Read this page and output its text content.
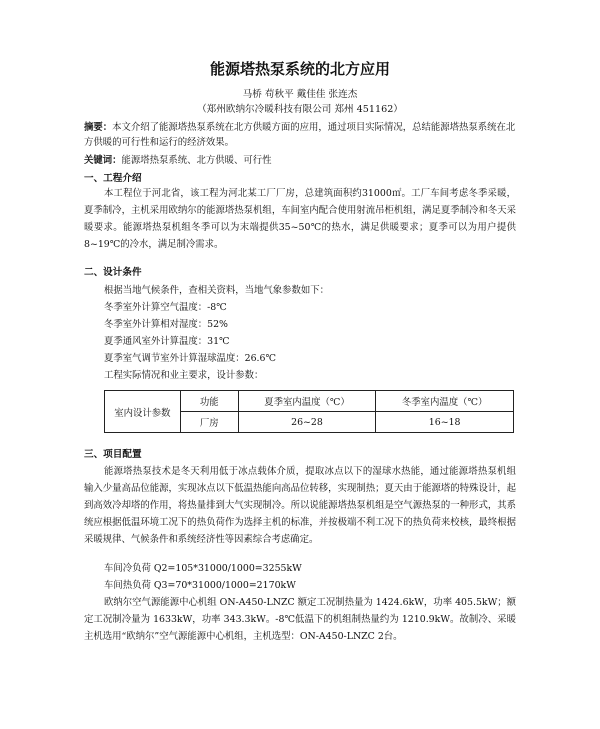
能源塔热泵系统的北方应用
马桥 苟秋平 戴佳佳 张连杰
（郑州欧纳尔冷暖科技有限公司 郑州 451162）
摘要：本文介绍了能源塔热泵系统在北方供暖方面的应用，通过项目实际情况，总结能源塔热泵系统在北方供暖的可行性和运行的经济效果。
关键词：能源塔热泵系统、北方供暖、可行性
一、工程介绍
本工程位于河北省，该工程为河北某工厂厂房，总建筑面积约31000㎡。工厂车间考虑冬季采暖，夏季制冷，主机采用欧纳尔的能源塔热泵机组，车间室内配合使用射流吊柜机组，满足夏季制冷和冬天采暖要求。能源塔热泵机组冬季可以为末端提供35~50℃的热水，满足供暖要求；夏季可以为用户提供8~19℃的冷水，满足制冷需求。
二、设计条件
根据当地气候条件，查相关资料，当地气象参数如下：
冬季室外计算空气温度：-8℃
冬季室外计算相对湿度：52%
夏季通风室外计算温度：31℃
夏季室气调节室外计算湿球温度：26.6℃
工程实际情况和业主要求，设计参数：
室内设计参数	功能	夏季室内温度（℃）	冬季室内温度（℃）
	厂房	26~28	16~18
三、项目配置
能源塔热泵技术是冬天利用低于冰点载体介质，提取冰点以下的湿球水热能，通过能源塔热泵机组输入少量高品位能源，实现冰点以下低温热能向高品位转移，实现制热；夏天由于能源塔的特殊设计，起到高效冷却塔的作用，将热量排到大气实现制冷。所以说能源塔热泵机组是空气源热泵的一种形式，其系统应根据低温环境工况下的热负荷作为选择主机的标准，并按极端不利工况下的热负荷来校核，最终根据采暖规律、气候条件和系统经济性等因素综合考虑确定。
车间冷负荷 Q2=105*31000/1000=3255kW
车间热负荷 Q3=70*31000/1000=2170kW
欧纳尔空气源能源中心机组 ON-A450-LNZC 额定工况制热量为 1424.6kW，功率 405.5kW；额定工况制冷量为 1633kW，功率 343.3kW。-8℃低温下的机组制热量约为 1210.9kW。故制冷、采暖主机选用“欧纳尔”空气源能源中心机组，主机选型：ON-A450-LNZC 2台。
